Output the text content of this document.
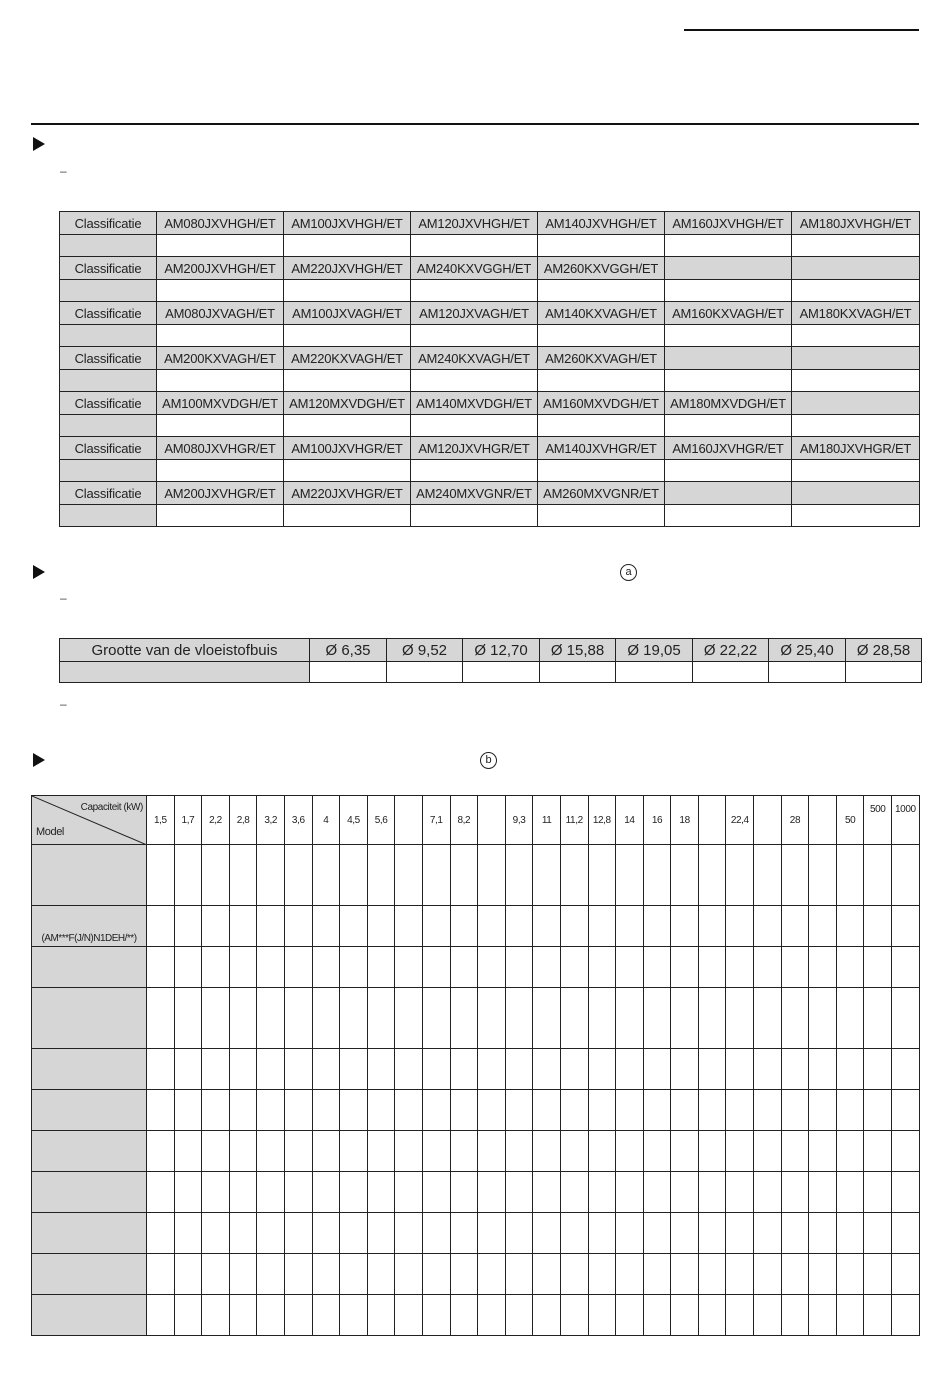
–
Classificatie	AM080JXVHGH/ET	AM100JXVHGH/ET	AM120JXVHGH/ET	AM140JXVHGH/ET	AM160JXVHGH/ET	AM180JXVHGH/ET

Classificatie	AM200JXVHGH/ET	AM220JXVHGH/ET	AM240KXVGGH/ET	AM260KXVGGH/ET		

Classificatie	AM080JXVAGH/ET	AM100JXVAGH/ET	AM120JXVAGH/ET	AM140KXVAGH/ET	AM160KXVAGH/ET	AM180KXVAGH/ET

Classificatie	AM200KXVAGH/ET	AM220KXVAGH/ET	AM240KXVAGH/ET	AM260KXVAGH/ET		

Classificatie	AM100MXVDGH/ET	AM120MXVDGH/ET	AM140MXVDGH/ET	AM160MXVDGH/ET	AM180MXVDGH/ET	

Classificatie	AM080JXVHGR/ET	AM100JXVHGR/ET	AM120JXVHGR/ET	AM140JXVHGR/ET	AM160JXVHGR/ET	AM180JXVHGR/ET

Classificatie	AM200JXVHGR/ET	AM220JXVHGR/ET	AM240MXVGNR/ET	AM260MXVGNR/ET		

a
–
Grootte van de vloeistofbuis	Ø 6,35	Ø 9,52	Ø 12,70	Ø 15,88	Ø 19,05	Ø 22,22	Ø 25,40	Ø 28,58

–
b
Capaciteit (kW)
Model	1,5	1,7	2,2	2,8	3,2	3,6	4	4,5	5,6		7,1	8,2		9,3	11	11,2	12,8	14	16	18		22,4		28		50	500	1000

(AM***F(J/N)N1DEH/**)																												
